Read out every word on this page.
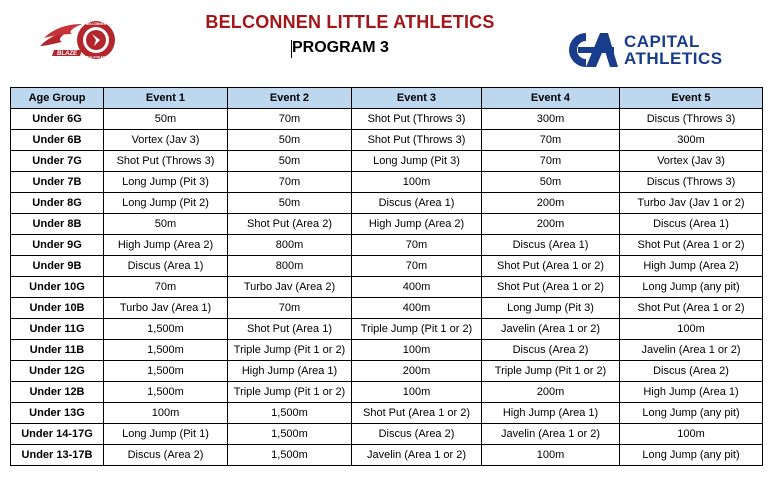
BLAZE
BELCONNEN
LITTLE ATHLETICS
BELCONNEN LITTLE ATHLETICS
PROGRAM 3	CAPITAL
ATHLETICS
Age Group	Event 1	Event 2	Event 3	Event 4	Event 5
Under 6G	50m	70m	Shot Put (Throws 3)	300m	Discus (Throws 3)
Under 6B	Vortex (Jav 3)	50m	Shot Put (Throws 3)	70m	300m
Under 7G	Shot Put (Throws 3)	50m	Long Jump (Pit 3)	70m	Vortex (Jav 3)
Under 7B	Long Jump (Pit 3)	70m	100m	50m	Discus (Throws 3)
Under 8G	Long Jump (Pit 2)	50m	Discus (Area 1)	200m	Turbo Jav (Jav 1 or 2)
Under 8B	50m	Shot Put (Area 2)	High Jump (Area 2)	200m	Discus (Area 1)
Under 9G	High Jump (Area 2)	800m	70m	Discus (Area 1)	Shot Put (Area 1 or 2)
Under 9B	Discus (Area 1)	800m	70m	Shot Put (Area 1 or 2)	High Jump (Area 2)
Under 10G	70m	Turbo Jav (Area 2)	400m	Shot Put (Area 1 or 2)	Long Jump (any pit)
Under 10B	Turbo Jav (Area 1)	70m	400m	Long Jump (Pit 3)	Shot Put (Area 1 or 2)
Under 11G	1,500m	Shot Put (Area 1)	Triple Jump (Pit 1 or 2)	Javelin (Area 1 or 2)	100m
Under 11B	1,500m	Triple Jump (Pit 1 or 2)	100m	Discus (Area 2)	Javelin (Area 1 or 2)
Under 12G	1,500m	High Jump (Area 1)	200m	Triple Jump (Pit 1 or 2)	Discus (Area 2)
Under 12B	1,500m	Triple Jump (Pit 1 or 2)	100m	200m	High Jump (Area 1)
Under 13G	100m	1,500m	Shot Put (Area 1 or 2)	High Jump (Area 1)	Long Jump (any pit)
Under 14-17G	Long Jump (Pit 1)	1,500m	Discus (Area 2)	Javelin (Area 1 or 2)	100m
Under 13-17B	Discus (Area 2)	1,500m	Javelin (Area 1 or 2)	100m	Long Jump (any pit)
